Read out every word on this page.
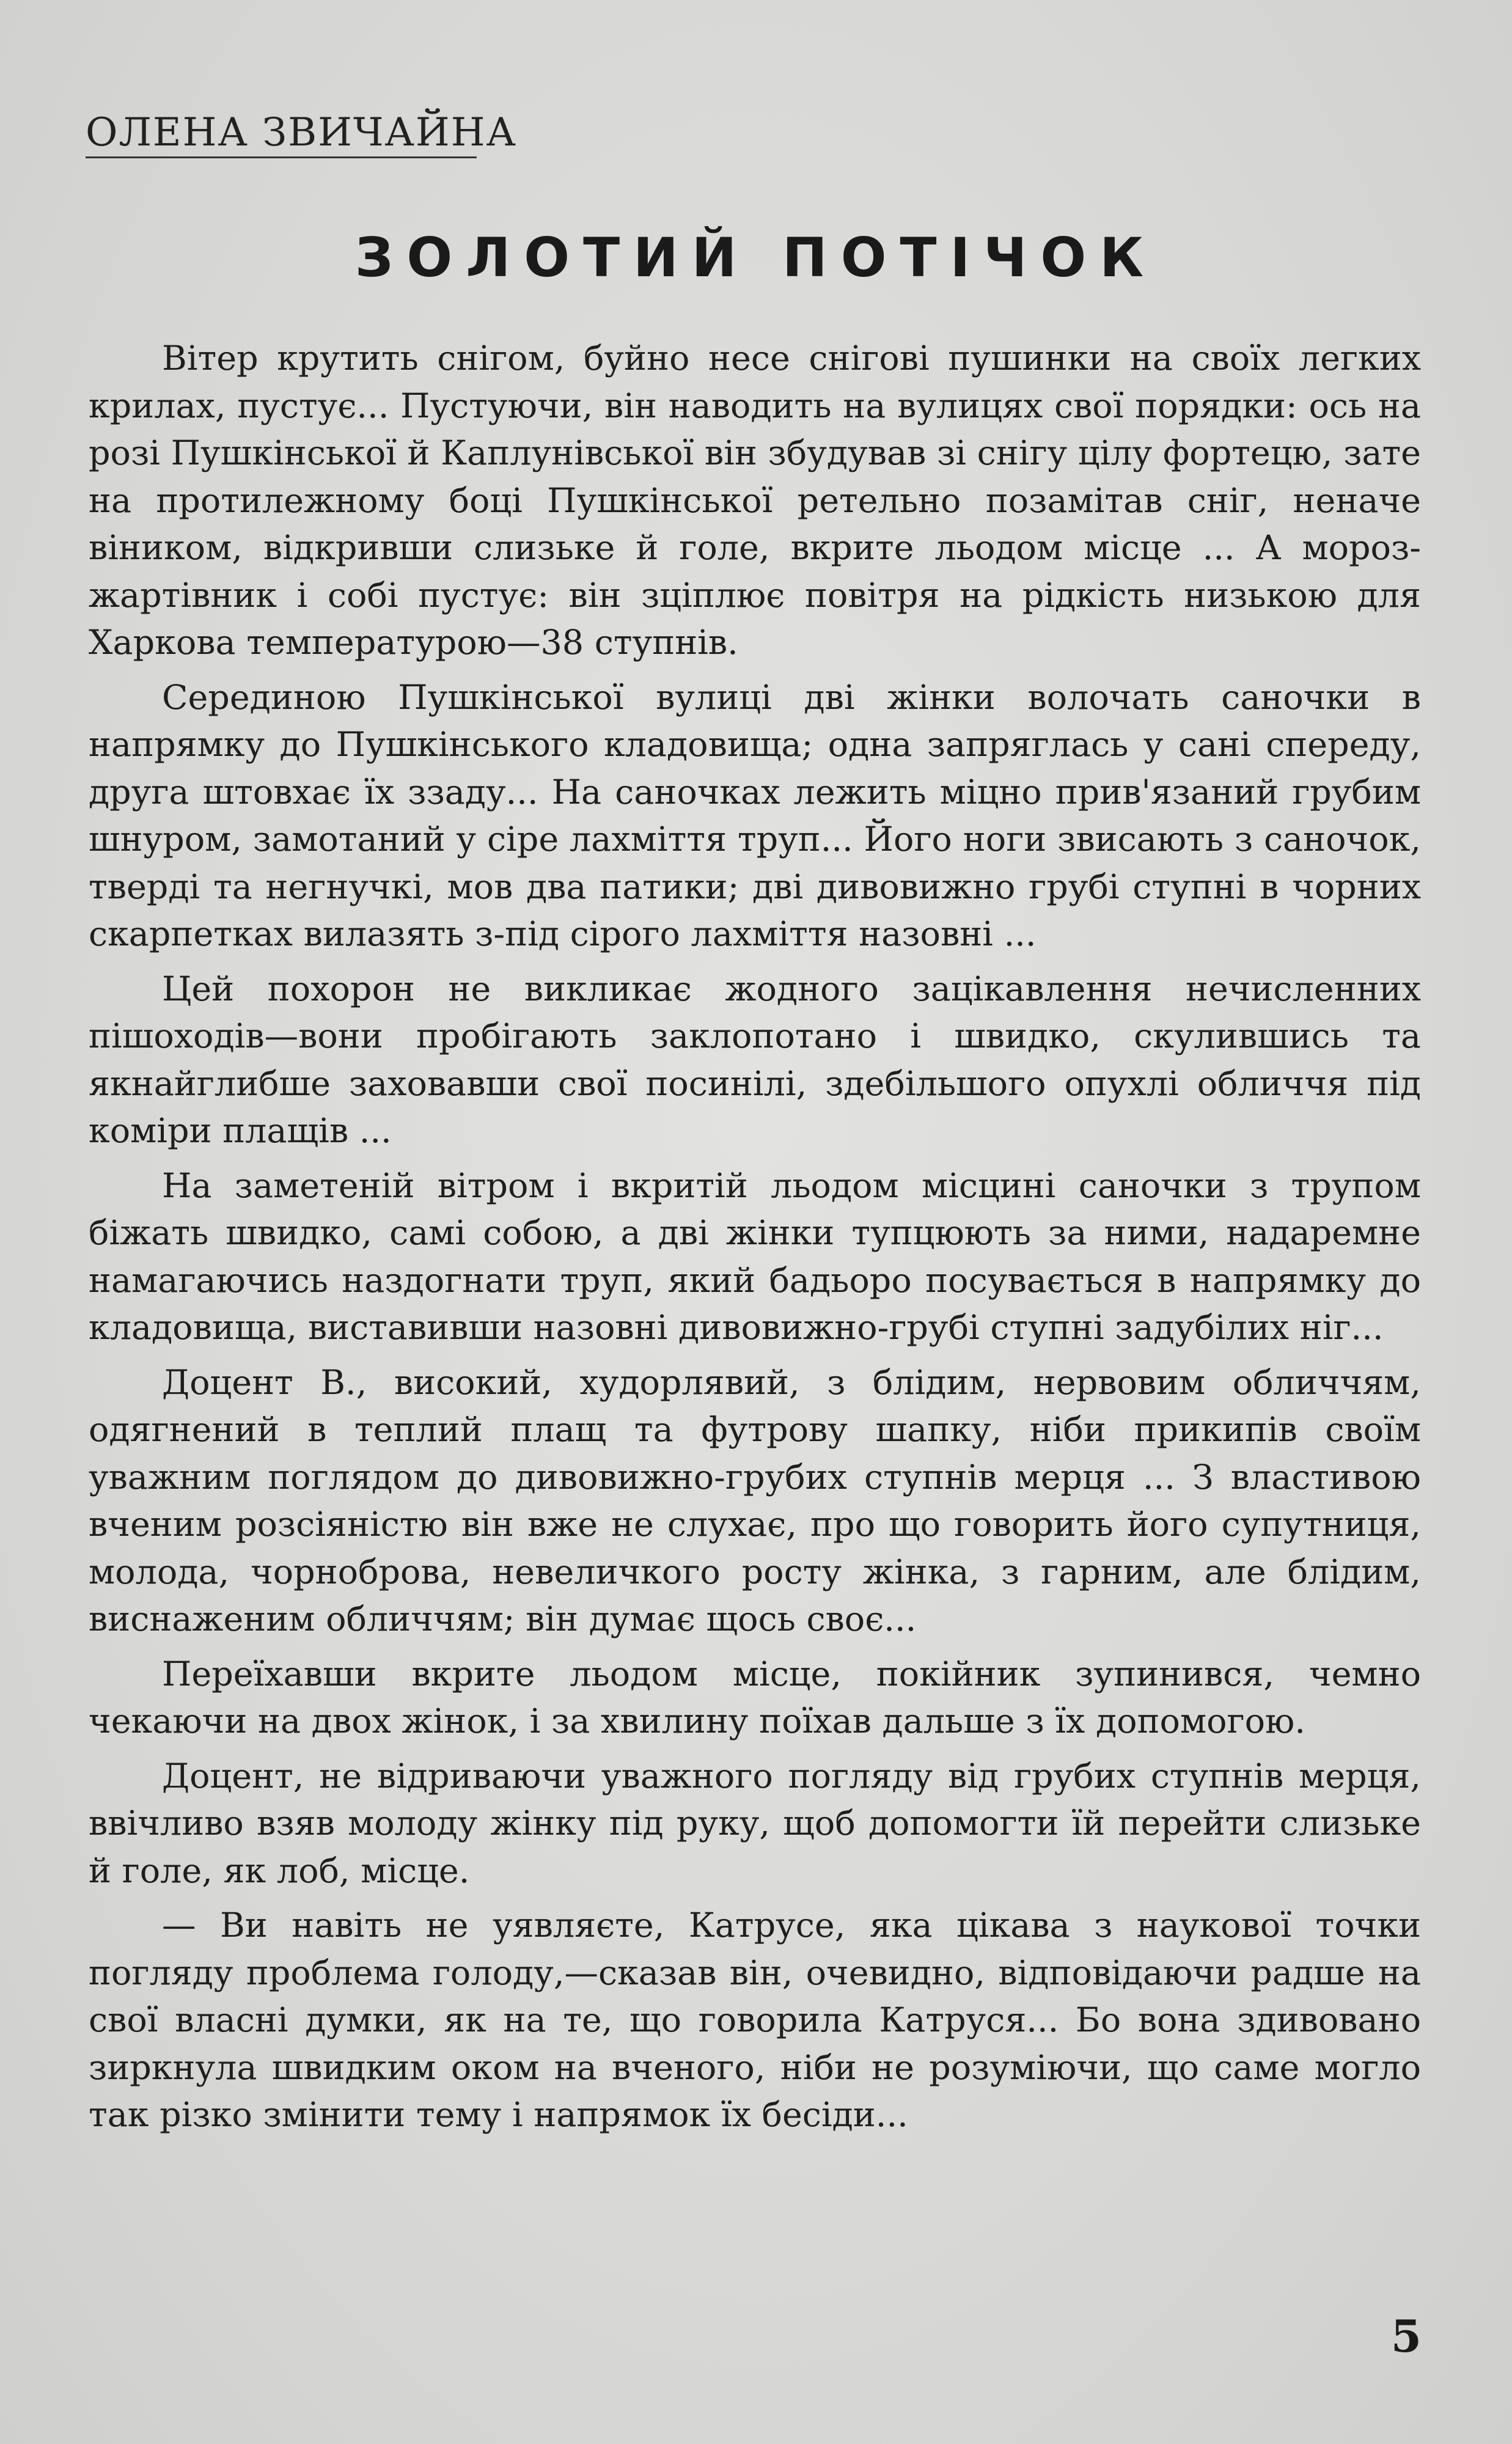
ОЛЕНА ЗВИЧАЙНА
ЗОЛОТИЙ ПОТІЧОК

Вітер крутить снігом, буйно несе снігові пушинки на своїх легких крилах, пустує... Пустуючи, він наводить на вулицях свої порядки: ось на розі Пушкінської й Каплунівської він збудував зі снігу цілу фортецю, зате на протилежному боці Пушкінської ретельно позамітав сніг, неначе віником, відкривши слизьке й голе, вкрите льодом місце ... А мороз-жартівник і собі пустує: він зціплює повітря на рідкість низькою для Харкова температурою—38 ступнів.

Серединою Пушкінської вулиці дві жінки волочать саночки в напрямку до Пушкінського кладовища; одна запряглась у сані спереду, друга штовхає їх ззаду... На саночках лежить міцно прив'язаний грубим шнуром, замотаний у сіре лахміття труп... Його ноги звисають з саночок, тверді та негнучкі, мов два патики; дві дивовижно грубі ступні в чорних скарпетках вилазять з-під сірого лахміття назовні ...

Цей похорон не викликає жодного зацікавлення нечисленних пішоходів—вони пробігають заклопотано і швидко, скулившись та якнайглибше заховавши свої посинілі, здебільшого опухлі обличчя під коміри плащів ...

На заметеній вітром і вкритій льодом місцині саночки з трупом біжать швидко, самі собою, а дві жінки тупцюють за ними, надаремне намагаючись наздогнати труп, який бадьоро посувається в напрямку до кладовища, виставивши назовні дивовижно-грубі ступні задубілих ніг...

Доцент В., високий, худорлявий, з блідим, нервовим обличчям, одягнений в теплий плащ та футрову шапку, ніби прикипів своїм уважним поглядом до дивовижно-грубих ступнів мерця ... З властивою вченим розсіяністю він вже не слухає, про що говорить його супутниця, молода, чорноброва, невеличкого росту жінка, з гарним, але блідим, виснаженим обличчям; він думає щось своє...

Переїхавши вкрите льодом місце, покійник зупинився, чемно чекаючи на двох жінок, і за хвилину поїхав дальше з їх допомогою.

Доцент, не відриваючи уважного погляду від грубих ступнів мерця, ввічливо взяв молоду жінку під руку, щоб допомогти їй перейти слизьке й голе, як лоб, місце.

— Ви навіть не уявляєте, Катрусе, яка цікава з наукової точки погляду проблема голоду,—сказав він, очевидно, відповідаючи радше на свої власні думки, як на те, що говорила Катруся... Бо вона здивовано зиркнула швидким оком на вченого, ніби не розуміючи, що саме могло так різко змінити тему і напрямок їх бесіди...

5
